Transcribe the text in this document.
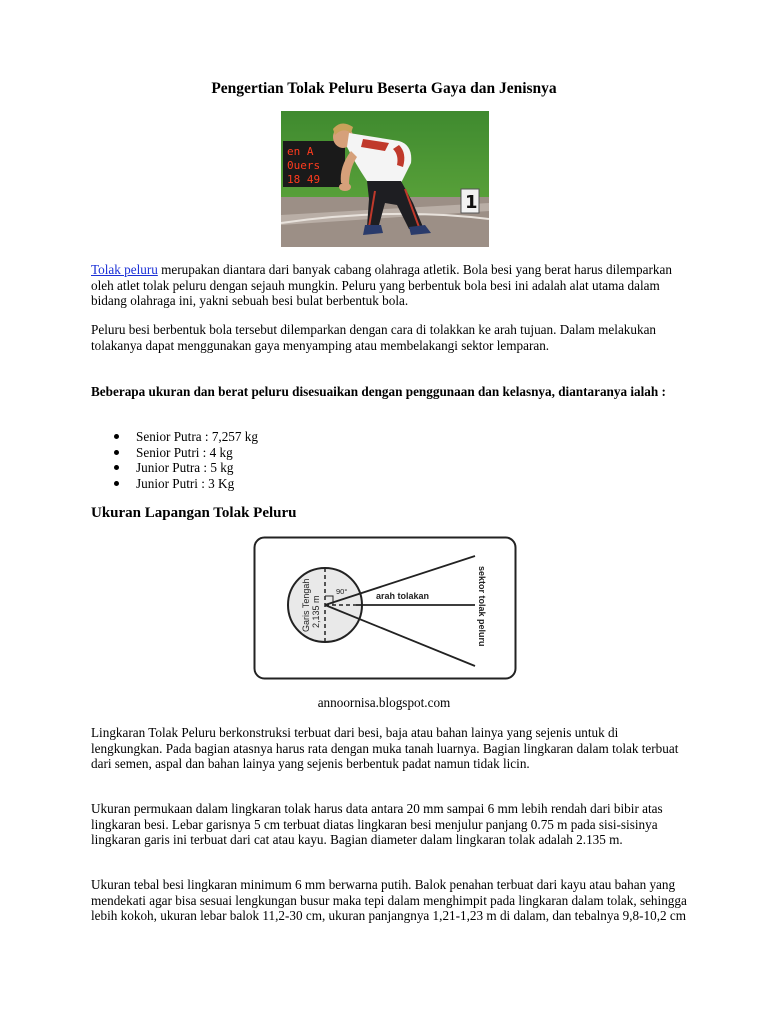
Pengertian Tolak Peluru Beserta Gaya dan Jenisnya
en A
0uers
18 49
1

Tolak peluru merupakan diantara dari banyak cabang olahraga atletik. Bola besi yang berat harus dilemparkan oleh atlet tolak peluru dengan sejauh mungkin. Peluru yang berbentuk bola besi ini adalah alat utama dalam bidang olahraga ini, yakni sebuah besi bulat berbentuk bola.

Peluru besi berbentuk bola tersebut dilemparkan dengan cara di tolakkan ke arah tujuan. Dalam melakukan tolakanya dapat menggunakan gaya menyamping atau membelakangi sektor lemparan.

Beberapa ukuran dan berat peluru disesuaikan dengan penggunaan dan kelasnya, diantaranya ialah :

Senior Putra : 7,257 kg
Senior Putri : 4 kg
Junior Putra : 5 kg
Junior Putri : 3 Kg
Ukuran Lapangan Tolak Peluru
90°	arah tolakan
Garis Tengah 2,135 m	sektor tolak peluru
annoornisa.blogspot.com

Lingkaran Tolak Peluru berkonstruksi terbuat dari besi, baja atau bahan lainya yang sejenis untuk di lengkungkan. Pada bagian atasnya harus rata dengan muka tanah luarnya. Bagian lingkaran dalam tolak terbuat dari semen, aspal dan bahan lainya yang sejenis berbentuk padat namun tidak licin.

Ukuran permukaan dalam lingkaran tolak harus data antara 20 mm sampai 6 mm lebih rendah dari bibir atas lingkaran besi. Lebar garisnya 5 cm terbuat diatas lingkaran besi menjulur panjang 0.75 m pada sisi-sisinya lingkaran garis ini terbuat dari cat atau kayu. Bagian diameter dalam lingkaran tolak adalah 2.135 m.

Ukuran tebal besi lingkaran minimum 6 mm berwarna putih. Balok penahan terbuat dari kayu atau bahan yang mendekati agar bisa sesuai lengkungan busur maka tepi dalam menghimpit pada lingkaran dalam tolak, sehingga lebih kokoh, ukuran lebar balok 11,2-30 cm, ukuran panjangnya 1,21-1,23 m di dalam, dan tebalnya 9,8-10,2 cm
